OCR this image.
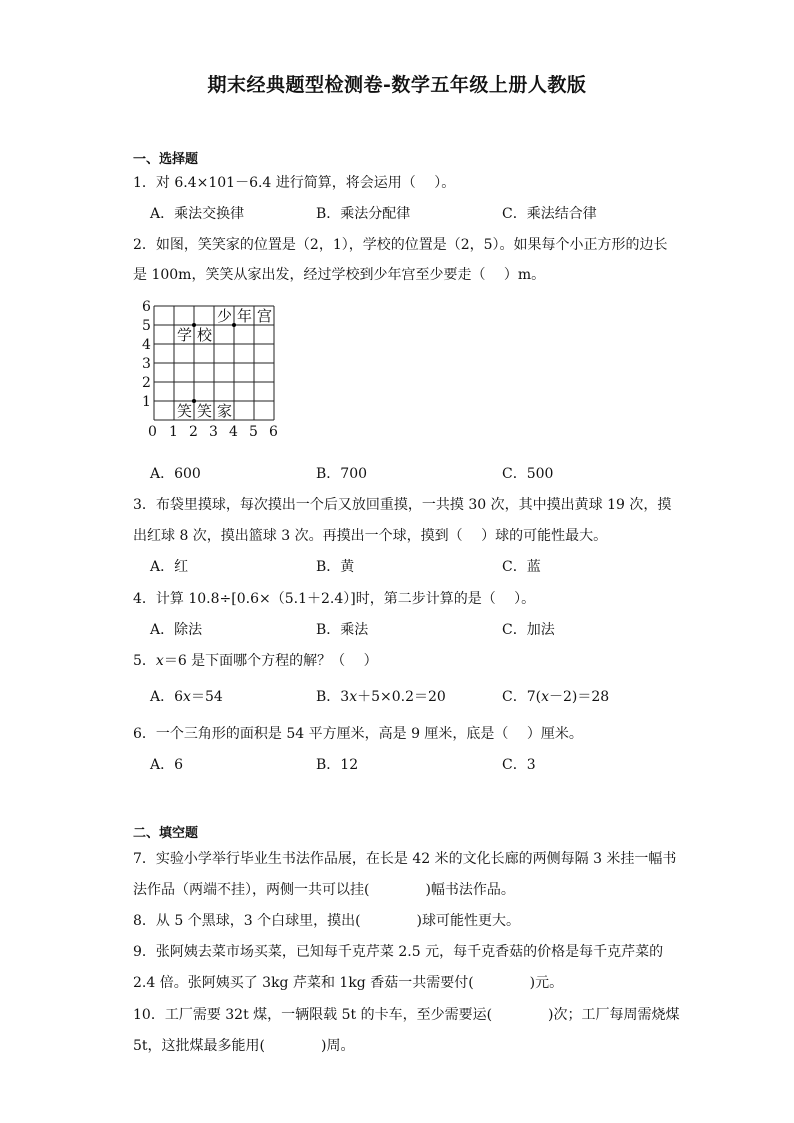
期末经典题型检测卷-数学五年级上册人教版
一、选择题
1．对 6.4×101－6.4 进行简算，将会运用（　 ）。
A．乘法交换律	B．乘法分配律	C．乘法结合律
2．如图，笑笑家的位置是（2，1），学校的位置是（2，5）。如果每个小正方形的边长
是 100m，笑笑从家出发，经过学校到少年宫至少要走（　 ）m。
6
5
4
3
2
1
0 1 2 3 4 5 6
学 校
少 年 宫
笑 笑 家
A．600	B．700	C．500
3．布袋里摸球，每次摸出一个后又放回重摸，一共摸 30 次，其中摸出黄球 19 次，摸
出红球 8 次，摸出篮球 3 次。再摸出一个球，摸到（　 ）球的可能性最大。
A．红	B．黄	C．蓝
4．计算 10.8÷[0.6×（5.1＋2.4）]时，第二步计算的是（　 ）。
A．除法	B．乘法	C．加法
5．x＝6 是下面哪个方程的解？（　 ）
A．6x＝54	B．3x＋5×0.2＝20	C．7(x－2)＝28
6．一个三角形的面积是 54 平方厘米，高是 9 厘米，底是（　 ）厘米。
A．6	B．12	C．3
二、填空题
7．实验小学举行毕业生书法作品展，在长是 42 米的文化长廊的两侧每隔 3 米挂一幅书
法作品（两端不挂），两侧一共可以挂(　　　　)幅书法作品。
8．从 5 个黑球，3 个白球里，摸出(　　　　)球可能性更大。
9．张阿姨去菜市场买菜，已知每千克芹菜 2.5 元，每千克香菇的价格是每千克芹菜的
2.4 倍。张阿姨买了 3kg 芹菜和 1kg 香菇一共需要付(　　　　)元。
10．工厂需要 32t 煤，一辆限载 5t 的卡车，至少需要运(　　　　)次；工厂每周需烧煤
5t，这批煤最多能用(　　　　)周。
